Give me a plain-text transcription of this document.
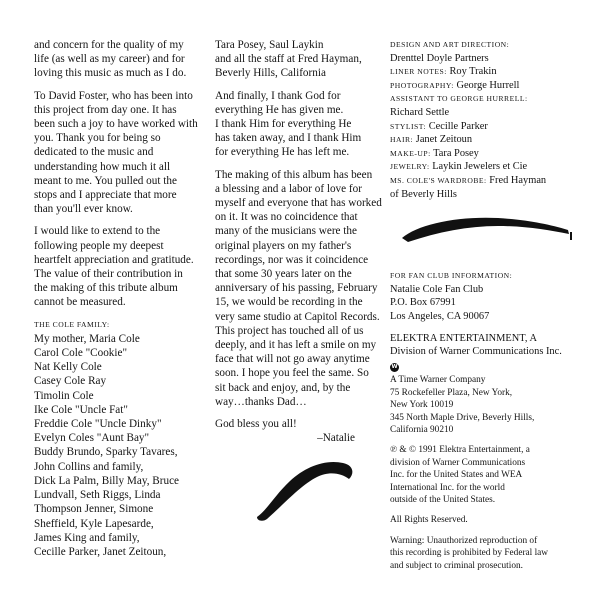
and concern for the quality of my
life (as well as my career) and for
loving this music as much as I do.

To David Foster, who has been into
this project from day one. It has
been such a joy to have worked with
you. Thank you for being so
dedicated to the music and
understanding how much it all
meant to me. You pulled out the
stops and I appreciate that more
than you'll ever know.

I would like to extend to the
following people my deepest
heartfelt appreciation and gratitude.
The value of their contribution in
the making of this tribute album
cannot be measured.

THE COLE FAMILY:

My mother, Maria Cole
Carol Cole "Cookie"
Nat Kelly Cole
Casey Cole Ray
Timolin Cole
Ike Cole "Uncle Fat"
Freddie Cole "Uncle Dinky"
Evelyn Coles "Aunt Bay"
Buddy Brundo, Sparky Tavares,
John Collins and family,
Dick La Palm, Billy May, Bruce
Lundvall, Seth Riggs, Linda
Thompson Jenner, Simone
Sheffield, Kyle Lapesarde,
James King and family,
Cecille Parker, Janet Zeitoun,

Tara Posey, Saul Laykin
and all the staff at Fred Hayman,
Beverly Hills, California

And finally, I thank God for
everything He has given me.
I thank Him for everything He
has taken away, and I thank Him
for everything He has left me.

The making of this album has been
a blessing and a labor of love for
myself and everyone that has worked
on it. It was no coincidence that
many of the musicians were the
original players on my father's
recordings, nor was it coincidence
that some 30 years later on the
anniversary of his passing, February
15, we would be recording in the
very same studio at Capitol Records.
This project has touched all of us
deeply, and it has left a smile on my
face that will not go away anytime
soon. I hope you feel the same. So
sit back and enjoy, and, by the
way…thanks Dad…

God bless you all!
–Natalie
DESIGN AND ART DIRECTION:
Drenttel Doyle Partners
LINER NOTES: Roy Trakin
PHOTOGRAPHY: George Hurrell
ASSISTANT TO GEORGE HURRELL:
Richard Settle
STYLIST: Cecille Parker
HAIR: Janet Zeitoun
MAKE-UP: Tara Posey
JEWELRY: Laykin Jewelers et Cie
MS. COLE'S WARDROBE: Fred Hayman
of Beverly Hills
FOR FAN CLUB INFORMATION:

Natalie Cole Fan Club
P.O. Box 67991
Los Angeles, CA 90067

ELEKTRA ENTERTAINMENT, A
Division of Warner Communications Inc.

W

A Time Warner Company
75 Rockefeller Plaza, New York,
New York 10019
345 North Maple Drive, Beverly Hills,
California 90210

℗ & © 1991 Elektra Entertainment, a
division of Warner Communications
Inc. for the United States and WEA
International Inc. for the world
outside of the United States.

All Rights Reserved.

Warning: Unauthorized reproduction of
this recording is prohibited by Federal law
and subject to criminal prosecution.
